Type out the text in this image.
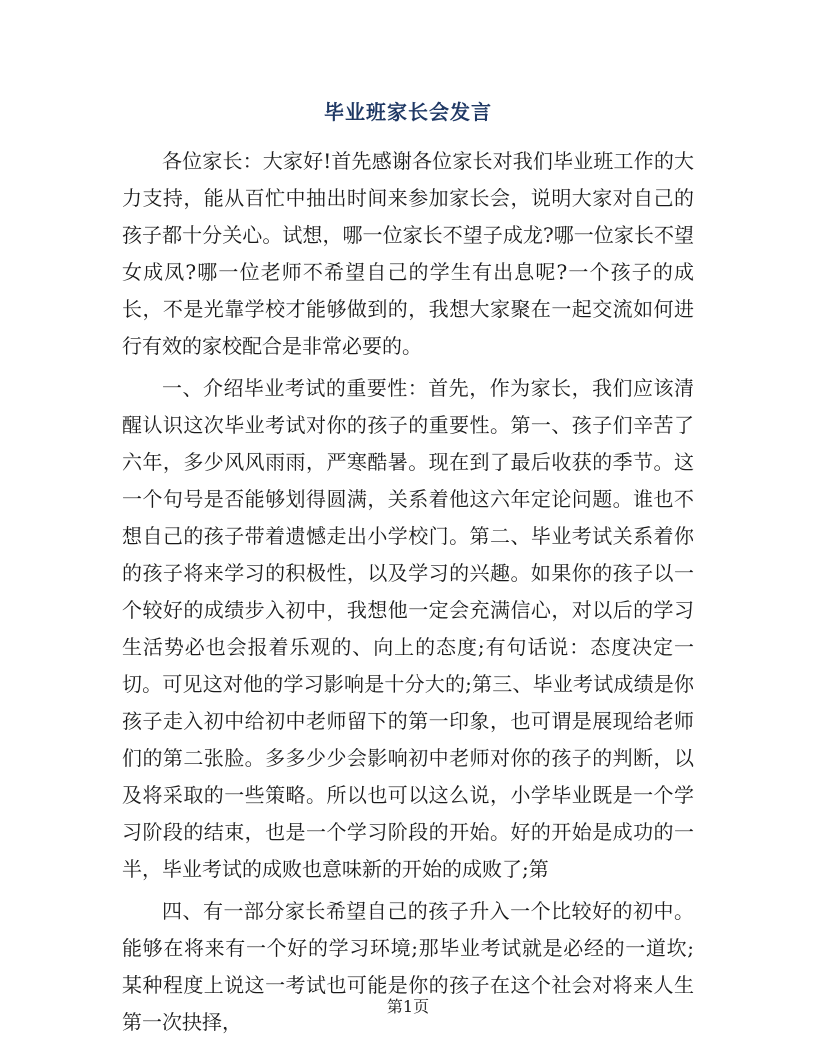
毕业班家长会发言

各位家长：大家好!首先感谢各位家长对我们毕业班工作的大力支持，能从百忙中抽出时间来参加家长会，说明大家对自己的孩子都十分关心。试想，哪一位家长不望子成龙?哪一位家长不望女成凤?哪一位老师不希望自己的学生有出息呢?一个孩子的成长，不是光靠学校才能够做到的，我想大家聚在一起交流如何进行有效的家校配合是非常必要的。

一、介绍毕业考试的重要性：首先，作为家长，我们应该清醒认识这次毕业考试对你的孩子的重要性。第一、孩子们辛苦了六年，多少风风雨雨，严寒酷暑。现在到了最后收获的季节。这一个句号是否能够划得圆满，关系着他这六年定论问题。谁也不想自己的孩子带着遗憾走出小学校门。第二、毕业考试关系着你的孩子将来学习的积极性，以及学习的兴趣。如果你的孩子以一个较好的成绩步入初中，我想他一定会充满信心，对以后的学习生活势必也会报着乐观的、向上的态度;有句话说：态度决定一切。可见这对他的学习影响是十分大的;第三、毕业考试成绩是你孩子走入初中给初中老师留下的第一印象，也可谓是展现给老师们的第二张脸。多多少少会影响初中老师对你的孩子的判断，以及将采取的一些策略。所以也可以这么说，小学毕业既是一个学习阶段的结束，也是一个学习阶段的开始。好的开始是成功的一半，毕业考试的成败也意味新的开始的成败了;第

四、有一部分家长希望自己的孩子升入一个比较好的初中。能够在将来有一个好的学习环境;那毕业考试就是必经的一道坎;某种程度上说这一考试也可能是你的孩子在这个社会对将来人生第一次抉择，

第1页
